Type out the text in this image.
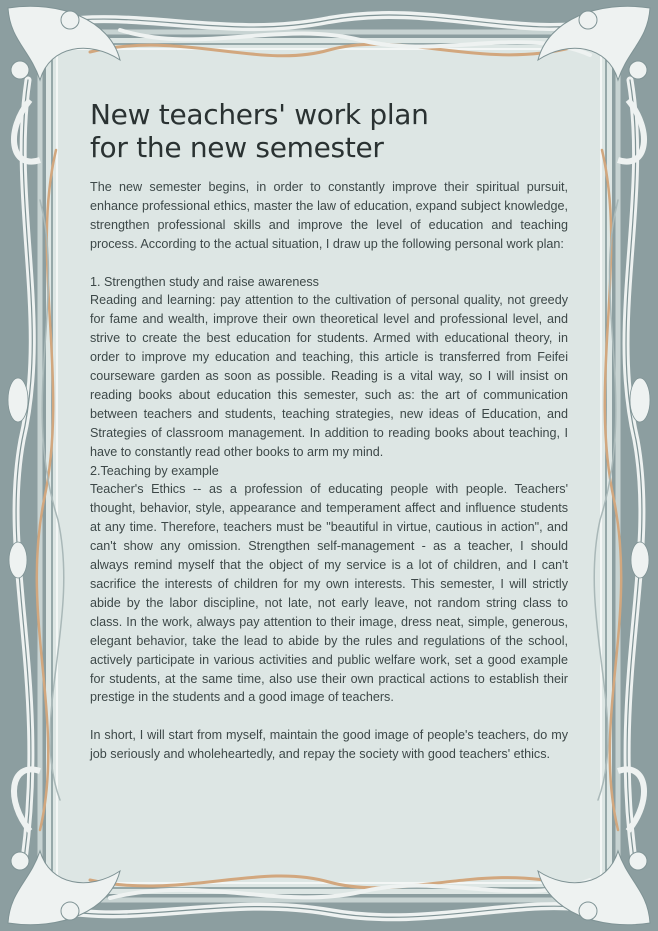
New teachers' work plan
for the new semester

The new semester begins, in order to constantly improve their spiritual pursuit, enhance professional ethics, master the law of education, expand subject knowledge, strengthen professional skills and improve the level of education and teaching process. According to the actual situation, I draw up the following personal work plan:

1. Strengthen study and raise awareness

Reading and learning: pay attention to the cultivation of personal quality, not greedy for fame and wealth, improve their own theoretical level and professional level, and strive to create the best education for students. Armed with educational theory, in order to improve my education and teaching, this article is transferred from Feifei courseware garden as soon as possible. Reading is a vital way, so I will insist on reading books about education this semester, such as: the art of communication between teachers and students, teaching strategies, new ideas of Education, and Strategies of classroom management. In addition to reading books about teaching, I have to constantly read other books to arm my mind.

2.Teaching by example

Teacher's Ethics -- as a profession of educating people with people. Teachers' thought, behavior, style, appearance and temperament affect and influence students at any time. Therefore, teachers must be "beautiful in virtue, cautious in action", and can't show any omission. Strengthen self-management - as a teacher, I should always remind myself that the object of my service is a lot of children, and I can't sacrifice the interests of children for my own interests. This semester, I will strictly abide by the labor discipline, not late, not early leave, not random string class to class. In the work, always pay attention to their image, dress neat, simple, generous, elegant behavior, take the lead to abide by the rules and regulations of the school, actively participate in various activities and public welfare work, set a good example for students, at the same time, also use their own practical actions to establish their prestige in the students and a good image of teachers.

In short, I will start from myself, maintain the good image of people's teachers, do my job seriously and wholeheartedly, and repay the society with good teachers' ethics.
